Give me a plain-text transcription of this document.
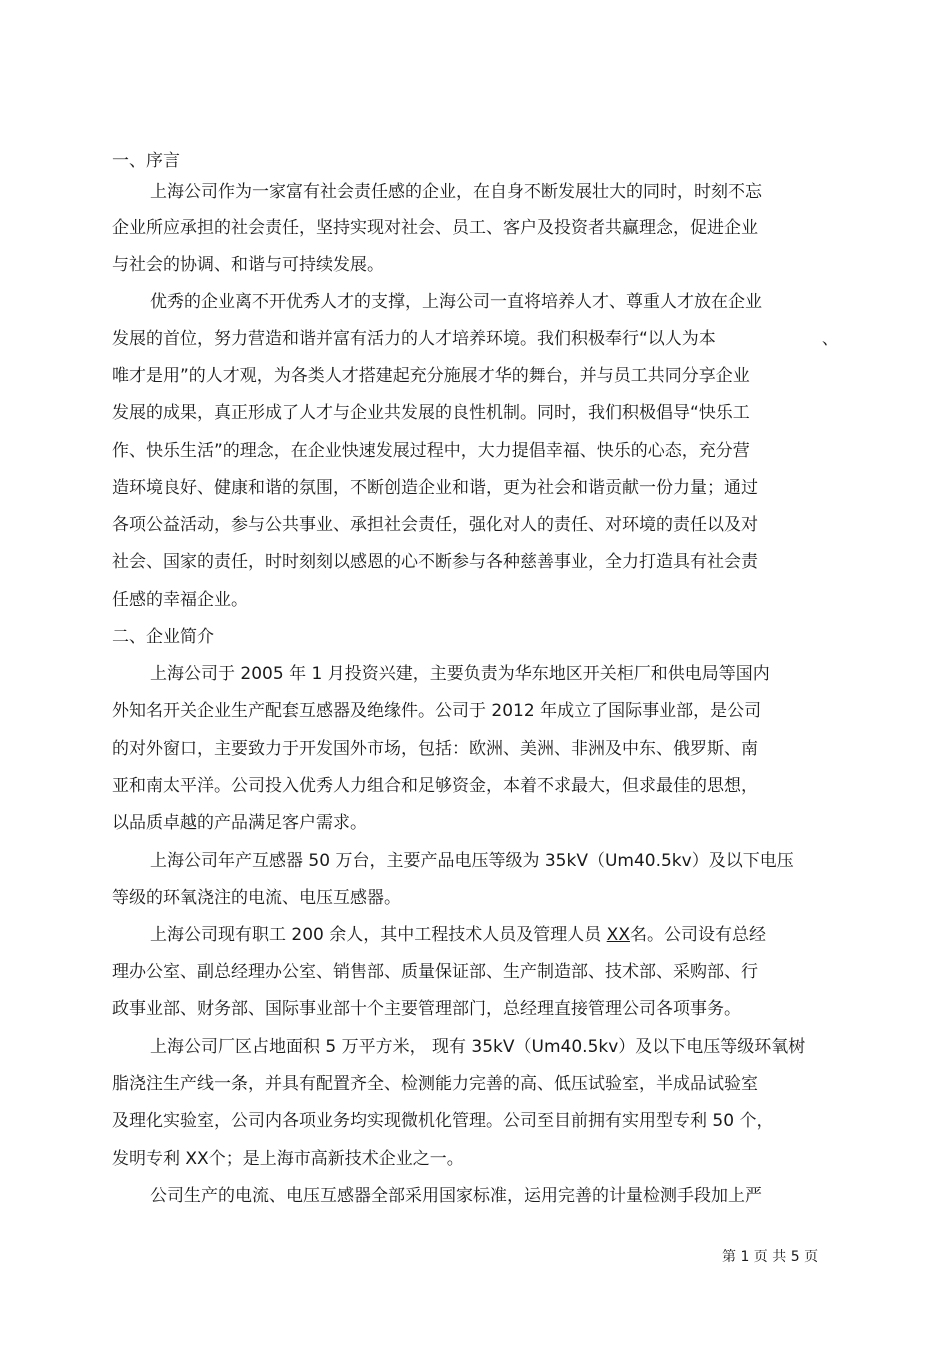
一、序言
上海公司作为一家富有社会责任感的企业，在自身不断发展壮大的同时，时刻不忘
企业所应承担的社会责任，坚持实现对社会、员工、客户及投资者共赢理念，促进企业
与社会的协调、和谐与可持续发展。
优秀的企业离不开优秀人才的支撑，上海公司一直将培养人才、尊重人才放在企业
发展的首位，努力营造和谐并富有活力的人才培养环境。我们积极奉行“以人为本	、
唯才是用”的人才观，为各类人才搭建起充分施展才华的舞台，并与员工共同分享企业
发展的成果，真正形成了人才与企业共发展的良性机制。同时，我们积极倡导“快乐工
作、快乐生活”的理念，在企业快速发展过程中，大力提倡幸福、快乐的心态，充分营
造环境良好、健康和谐的氛围，不断创造企业和谐，更为社会和谐贡献一份力量；通过
各项公益活动，参与公共事业、承担社会责任，强化对人的责任、对环境的责任以及对
社会、国家的责任，时时刻刻以感恩的心不断参与各种慈善事业，全力打造具有社会责
任感的幸福企业。
二、企业简介
上海公司于 2005 年 1 月投资兴建，主要负责为华东地区开关柜厂和供电局等国内
外知名开关企业生产配套互感器及绝缘件。公司于 2012 年成立了国际事业部，是公司
的对外窗口，主要致力于开发国外市场，包括：欧洲、美洲、非洲及中东、俄罗斯、南
亚和南太平洋。公司投入优秀人力组合和足够资金，本着不求最大，但求最佳的思想，
以品质卓越的产品满足客户需求。
上海公司年产互感器 50 万台，主要产品电压等级为 35kV（Um40.5kv）及以下电压
等级的环氧浇注的电流、电压互感器。
上海公司现有职工 200 余人，其中工程技术人员及管理人员 XX名。公司设有总经
理办公室、副总经理办公室、销售部、质量保证部、生产制造部、技术部、采购部、行
政事业部、财务部、国际事业部十个主要管理部门，总经理直接管理公司各项事务。
上海公司厂区占地面积 5 万平方米， 现有 35kV（Um40.5kv）及以下电压等级环氧树
脂浇注生产线一条，并具有配置齐全、检测能力完善的高、低压试验室，半成品试验室
及理化实验室，公司内各项业务均实现微机化管理。公司至目前拥有实用型专利 50 个，
发明专利 XX个；是上海市高新技术企业之一。
公司生产的电流、电压互感器全部采用国家标准，运用完善的计量检测手段加上严
第 1 页 共 5 页
